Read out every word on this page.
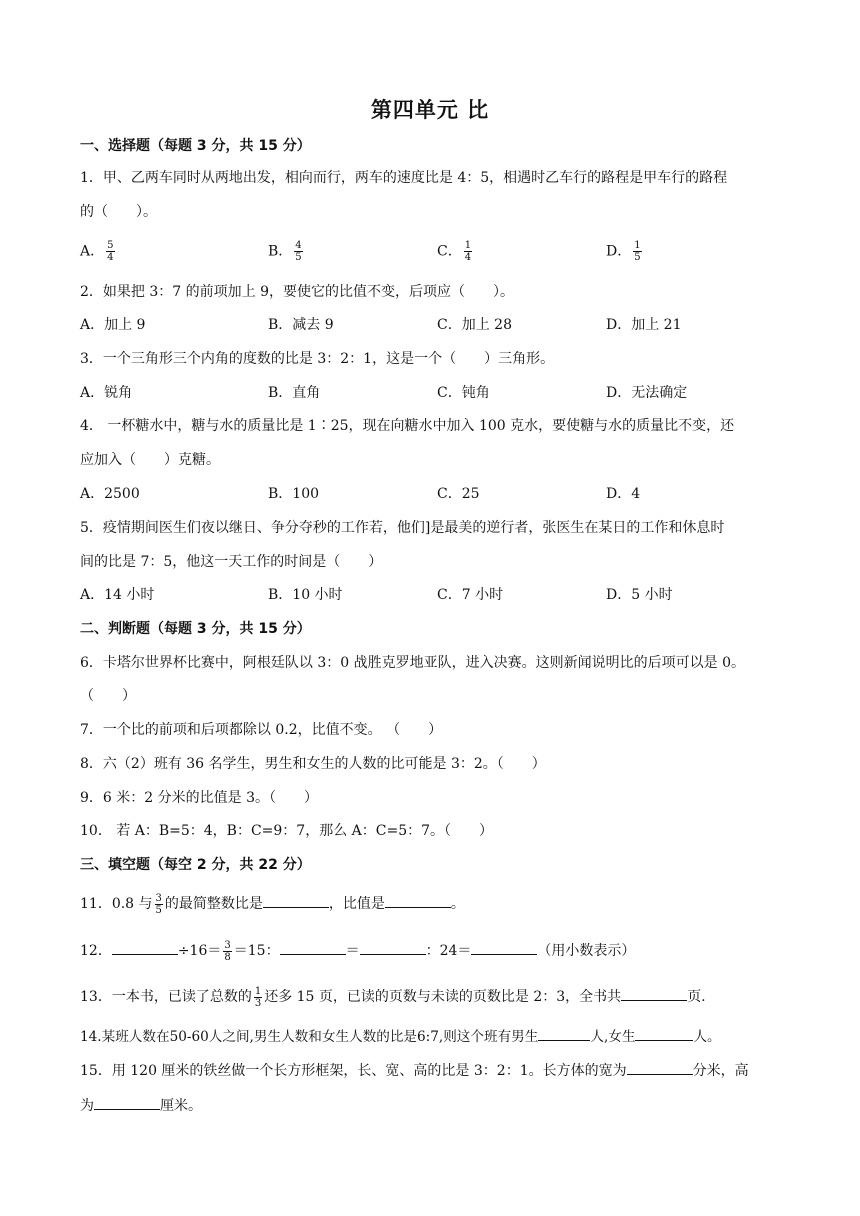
第四单元 比
一、选择题（每题 3 分，共 15 分）
1．甲、乙两车同时从两地出发，相向而行，两车的速度比是 4：5，相遇时乙车行的路程是甲车行的路程
的（　　）。
A． $\frac{5}{4}$	B． $\frac{4}{5}$	C． $\frac{1}{4}$	D． $\frac{1}{5}$
2．如果把 3：7 的前项加上 9，要使它的比值不变，后项应（　　）。
A．加上 9	B．减去 9	C．加上 28	D．加上 21
3．一个三角形三个内角的度数的比是 3：2：1，这是一个（　　）三角形。
A．锐角	B．直角	C．钝角	D．无法确定
4． 一杯糖水中，糖与水的质量比是 1∶25，现在向糖水中加入 100 克水，要使糖与水的质量比不变，还
应加入（　　）克糖。
A．2500	B．100	C．25	D．4
5．疫情期间医生们夜以继日、争分夺秒的工作若，他们]是最美的逆行者，张医生在某日的工作和休息时
间的比是 7：5，他这一天工作的时间是（　　）
A．14 小时	B．10 小时	C．7 小时	D．5 小时
二、判断题（每题 3 分，共 15 分）
6．卡塔尔世界杯比赛中，阿根廷队以 3：0 战胜克罗地亚队，进入决赛。这则新闻说明比的后项可以是 0。
（　　）
7．一个比的前项和后项都除以 0.2，比值不变。 （　　）
8．六（2）班有 36 名学生，男生和女生的人数的比可能是 3：2。（　　）
9．6 米：2 分米的比值是 3。（　　）
10． 若 A：B=5：4，B：C=9：7，那么 A：C=5：7。（　　）
三、填空题（每空 2 分，共 22 分）
11．0.8 与 $\frac{3}{5}$ 的最简整数比是	，比值是	。
12．	$\div 16= \frac{3}{8} =15$：	＝	：24＝	（用小数表示）
13．一本书，已读了总数的 $\frac{1}{3}$ 还多 15 页，已读的页数与未读的页数比是 2：3，全书共	页.
14.某班人数在50-60人之间,男生人数和女生人数的比是6:7,则这个班有男生	人,女生	人。
15．用 120 厘米的铁丝做一个长方形框架，长、宽、高的比是 3：2：1。长方体的宽为	分米，高
为	厘米。
